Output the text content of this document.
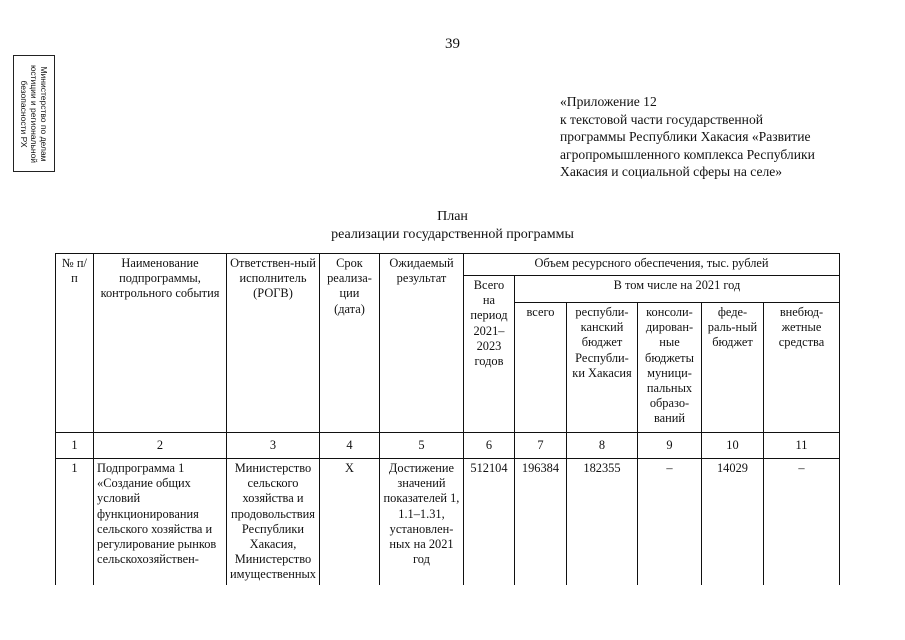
39
Министерство по делам
юстиции и региональной
безопасности РХ	«Приложение 12
к текстовой части государственной
программы Республики Хакасия «Развитие
агропромышленного комплекса Республики
Хакасия и социальной сферы на селе»
План
реализации государственной программы
№ п/п	Наименование подпрограммы, контрольного события	Ответствен-ный исполнитель (РОГВ)	Срок реализа-ции (дата)	Ожидаемый результат	Объем ресурсного обеспечения, тыс. рублей					
					Всего на период 2021–2023 годов	В том числе на 2021 год				
						всего	республи-канский бюджет Республи-ки Хакасия	консоли-дирован-ные бюджеты муници-пальных образо-ваний	феде-раль-ный бюджет	внебюд-жетные средства
1	2	3	4	5	6	7	8	9	10	11
1	Подпрограмма 1 «Создание общих условий функционирования сельского хозяйства и регулирование рынков сельскохозяйствен-	Министерство сельского хозяйства и продовольствия Республики Хакасия, Министерство имущественных	Х	Достижение значений показателей 1, 1.1–1.31, установлен-ных на 2021 год	512104	196384	182355	–	14029	–
